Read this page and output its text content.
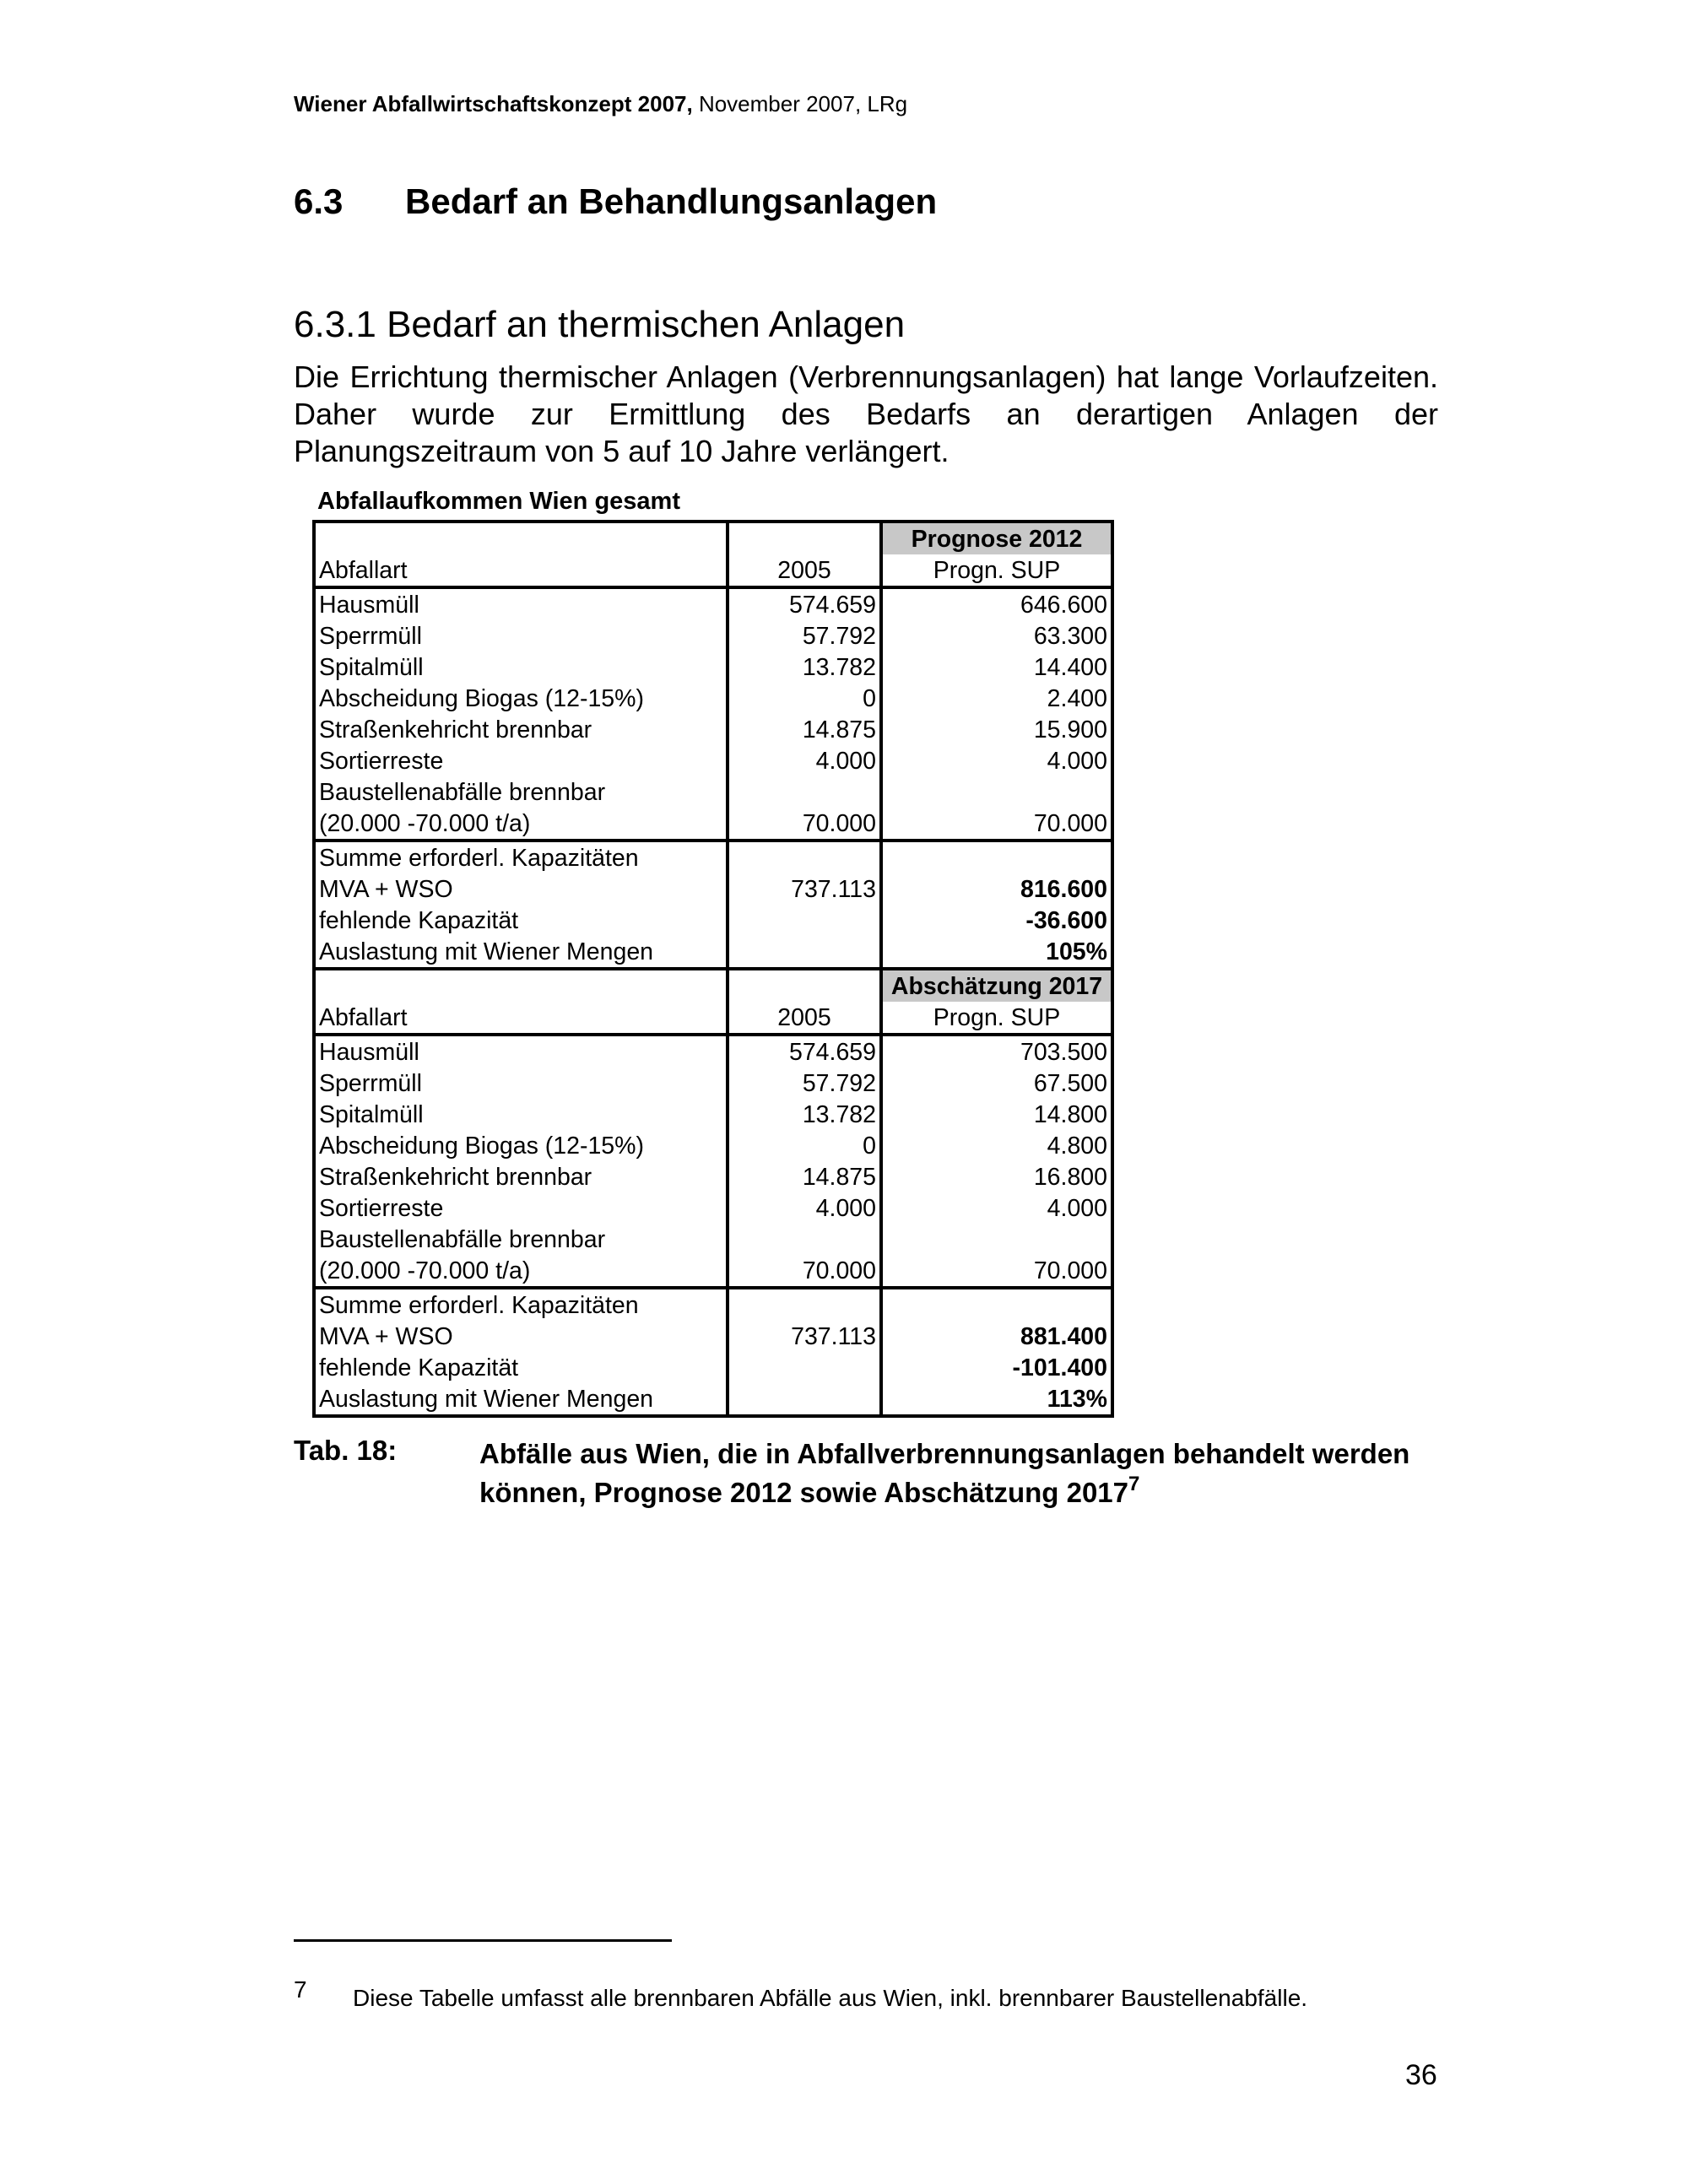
Wiener Abfallwirtschaftskonzept 2007, November 2007, LRg
6.3 Bedarf an Behandlungsanlagen
6.3.1 Bedarf an thermischen Anlagen
Die Errichtung thermischer Anlagen (Verbrennungsanlagen) hat lange Vorlaufzeiten. Daher wurde zur Ermittlung des Bedarfs an derartigen Anlagen der Planungszeitraum von 5 auf 10 Jahre verlängert.
Abfallaufkommen Wien gesamt
		Prognose 2012
Abfallart	2005	Progn. SUP
Hausmüll	574.659	646.600
Sperrmüll	57.792	63.300
Spitalmüll	13.782	14.400
Abscheidung Biogas (12-15%)	0	2.400
Straßenkehricht brennbar	14.875	15.900
Sortierreste	4.000	4.000
Baustellenabfälle brennbar		
(20.000 -70.000 t/a)	70.000	70.000
Summe erforderl. Kapazitäten		
MVA + WSO	737.113	816.600
fehlende Kapazität		-36.600
Auslastung mit Wiener Mengen		105%
		Abschätzung 2017
Abfallart	2005	Progn. SUP
Hausmüll	574.659	703.500
Sperrmüll	57.792	67.500
Spitalmüll	13.782	14.800
Abscheidung Biogas (12-15%)	0	4.800
Straßenkehricht brennbar	14.875	16.800
Sortierreste	4.000	4.000
Baustellenabfälle brennbar		
(20.000 -70.000 t/a)	70.000	70.000
Summe erforderl. Kapazitäten		
MVA + WSO	737.113	881.400
fehlende Kapazität		-101.400
Auslastung mit Wiener Mengen		113%
Tab. 18:	Abfälle aus Wien, die in Abfallverbrennungsanlagen behandelt werden können, Prognose 2012 sowie Abschätzung 2017$^7$
7 Diese Tabelle umfasst alle brennbaren Abfälle aus Wien, inkl. brennbarer Baustellenabfälle.
36
